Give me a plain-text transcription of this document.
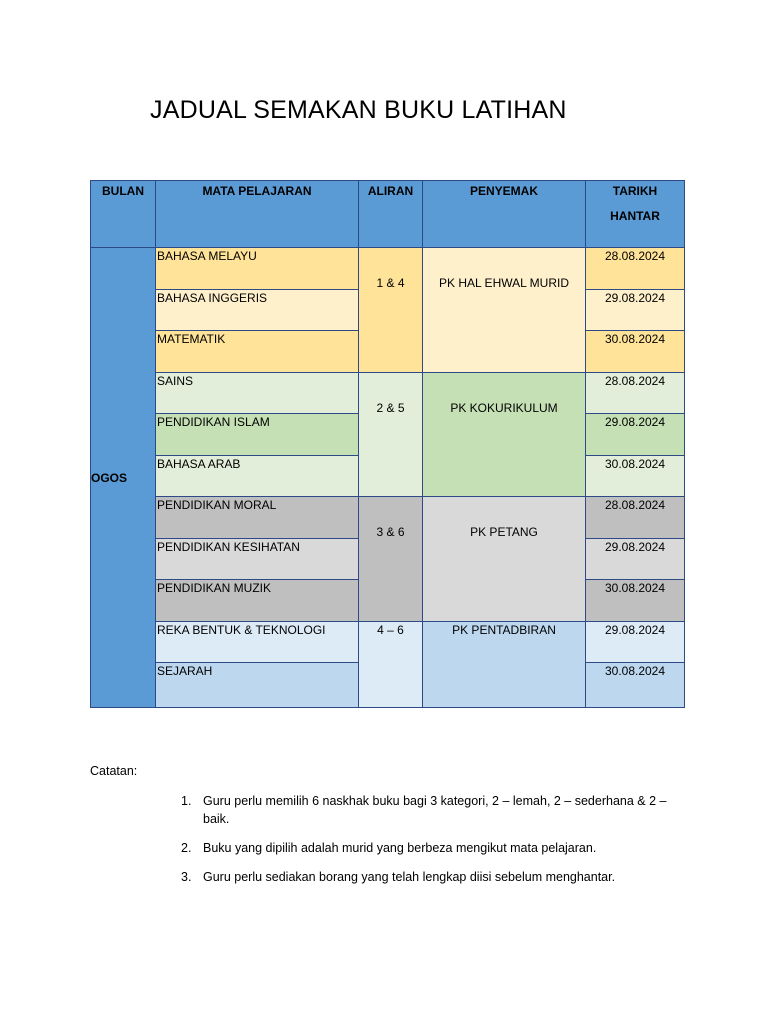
JADUAL SEMAKAN BUKU LATIHAN
BULAN	MATA PELAJARAN	ALIRAN	PENYEMAK	TARIKH
HANTAR

OGOS	BAHASA MELAYU	1 & 4	PK HAL EHWAL MURID	28.08.2024
	BAHASA INGGERIS			29.08.2024
	MATEMATIK			30.08.2024
	SAINS	2 & 5	PK KOKURIKULUM	28.08.2024
	PENDIDIKAN ISLAM			29.08.2024
	BAHASA ARAB			30.08.2024
	PENDIDIKAN MORAL	3 & 6	PK PETANG	28.08.2024
	PENDIDIKAN KESIHATAN			29.08.2024
	PENDIDIKAN MUZIK			30.08.2024
	REKA BENTUK & TEKNOLOGI	4 – 6	PK PENTADBIRAN	29.08.2024
	SEJARAH			30.08.2024
Catatan:
1. Guru perlu memilih 6 naskhak buku bagi 3 kategori, 2 – lemah, 2 – sederhana & 2 – baik.
2. Buku yang dipilih adalah murid yang berbeza mengikut mata pelajaran.
3. Guru perlu sediakan borang yang telah lengkap diisi sebelum menghantar.
